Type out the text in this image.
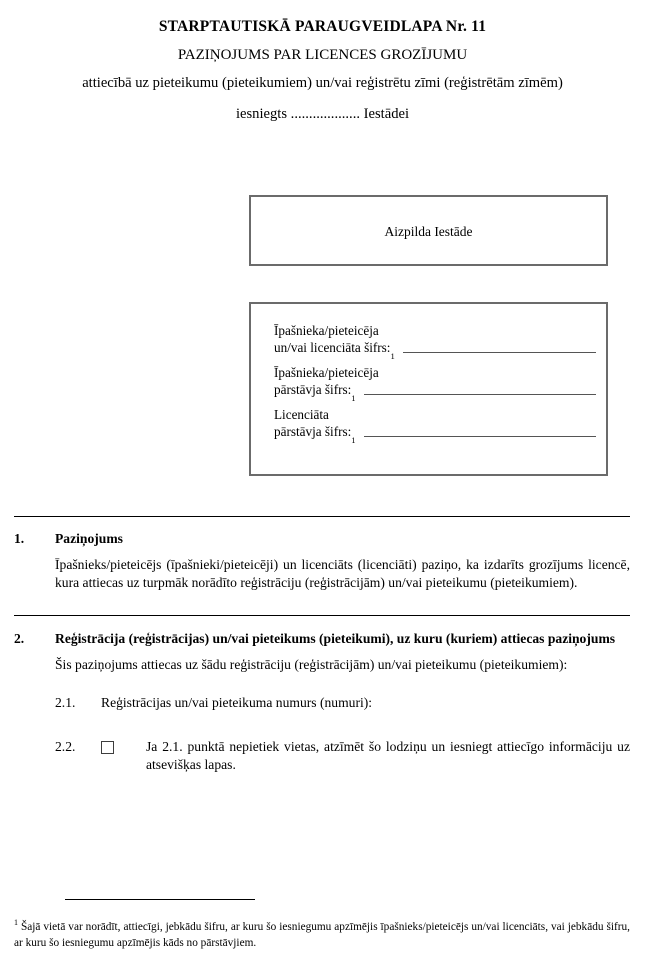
STARPTAUTISKĀ PARAUGVEIDLAPA Nr. 11
PAZIŅOJUMS PAR LICENCES GROZĪJUMU
attiecībā uz pieteikumu (pieteikumiem) un/vai reģistrētu zīmi (reģistrētām zīmēm)
iesniegts ................... Iestādei
Aizpilda Iestāde
Īpašnieka/pieteicēja
un/vai licenciāta šifrs:
1
Īpašnieka/pieteicēja
pārstāvja šifrs:
1
Licenciāta
pārstāvja šifrs:
1
1.	Paziņojums
Īpašnieks/pieteicējs (īpašnieki/pieteicēji) un licenciāts (licenciāti) paziņo, ka izdarīts grozījums licencē, kura attiecas uz turpmāk norādīto reģistrāciju (reģistrācijām) un/vai pieteikumu (pieteikumiem).
2.	Reģistrācija (reģistrācijas) un/vai pieteikums (pieteikumi), uz kuru (kuriem) attiecas paziņojums
Šis paziņojums attiecas uz šādu reģistrāciju (reģistrācijām) un/vai pieteikumu (pieteikumiem):
2.1.	Reģistrācijas un/vai pieteikuma numurs (numuri):
2.2.	Ja 2.1. punktā nepietiek vietas, atzīmēt šo lodziņu un iesniegt attiecīgo informāciju uz atsevišķas lapas.
$^1$ Šajā vietā var norādīt, attiecīgi, jebkādu šifru, ar kuru šo iesniegumu apzīmējis īpašnieks/pieteicējs un/vai licenciāts, vai jebkādu šifru, ar kuru šo iesniegumu apzīmējis kāds no pārstāvjiem.
